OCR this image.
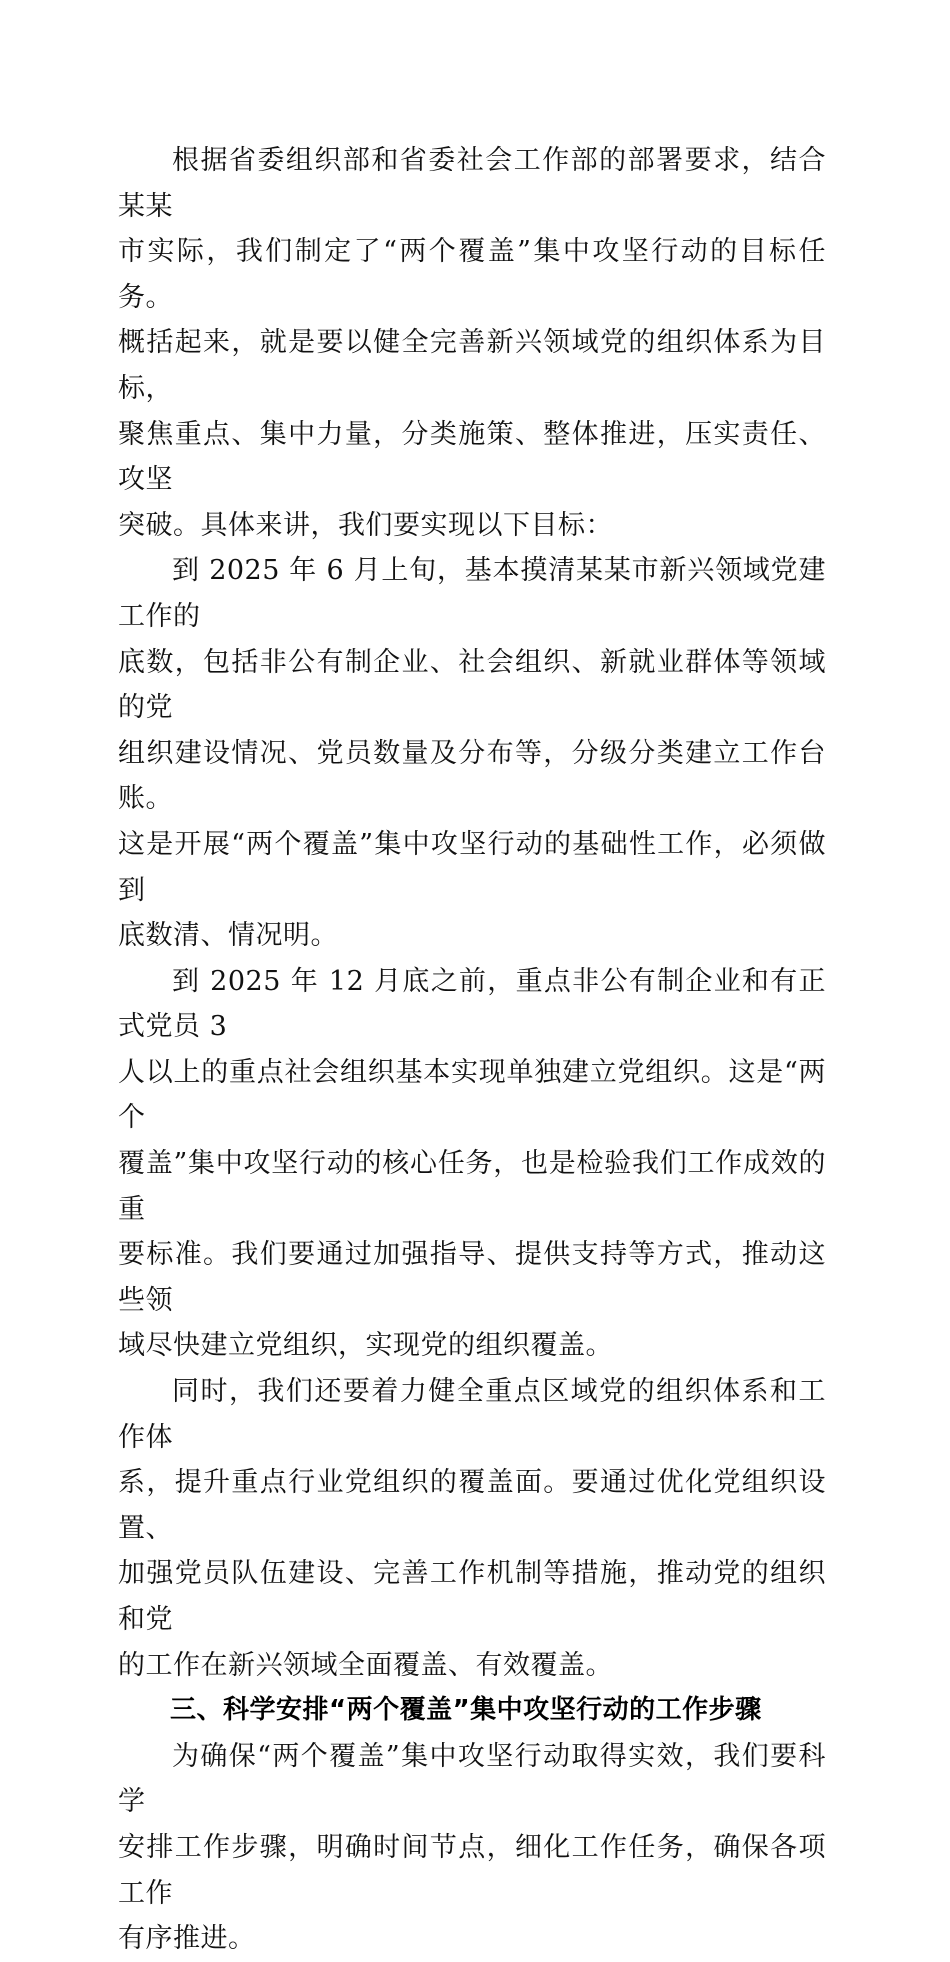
根据省委组织部和省委社会工作部的部署要求，结合某某
市实际，我们制定了“两个覆盖”集中攻坚行动的目标任务。
概括起来，就是要以健全完善新兴领域党的组织体系为目标，
聚焦重点、集中力量，分类施策、整体推进，压实责任、攻坚
突破。具体来讲，我们要实现以下目标：

到 2025 年 6 月上旬，基本摸清某某市新兴领域党建工作的
底数，包括非公有制企业、社会组织、新就业群体等领域的党
组织建设情况、党员数量及分布等，分级分类建立工作台账。
这是开展“两个覆盖”集中攻坚行动的基础性工作，必须做到
底数清、情况明。

到 2025 年 12 月底之前，重点非公有制企业和有正式党员 3
人以上的重点社会组织基本实现单独建立党组织。这是“两个
覆盖”集中攻坚行动的核心任务，也是检验我们工作成效的重
要标准。我们要通过加强指导、提供支持等方式，推动这些领
域尽快建立党组织，实现党的组织覆盖。

同时，我们还要着力健全重点区域党的组织体系和工作体
系，提升重点行业党组织的覆盖面。要通过优化党组织设置、
加强党员队伍建设、完善工作机制等措施，推动党的组织和党
的工作在新兴领域全面覆盖、有效覆盖。

三、科学安排“两个覆盖”集中攻坚行动的工作步骤

为确保“两个覆盖”集中攻坚行动取得实效，我们要科学
安排工作步骤，明确时间节点，细化工作任务，确保各项工作
有序推进。
